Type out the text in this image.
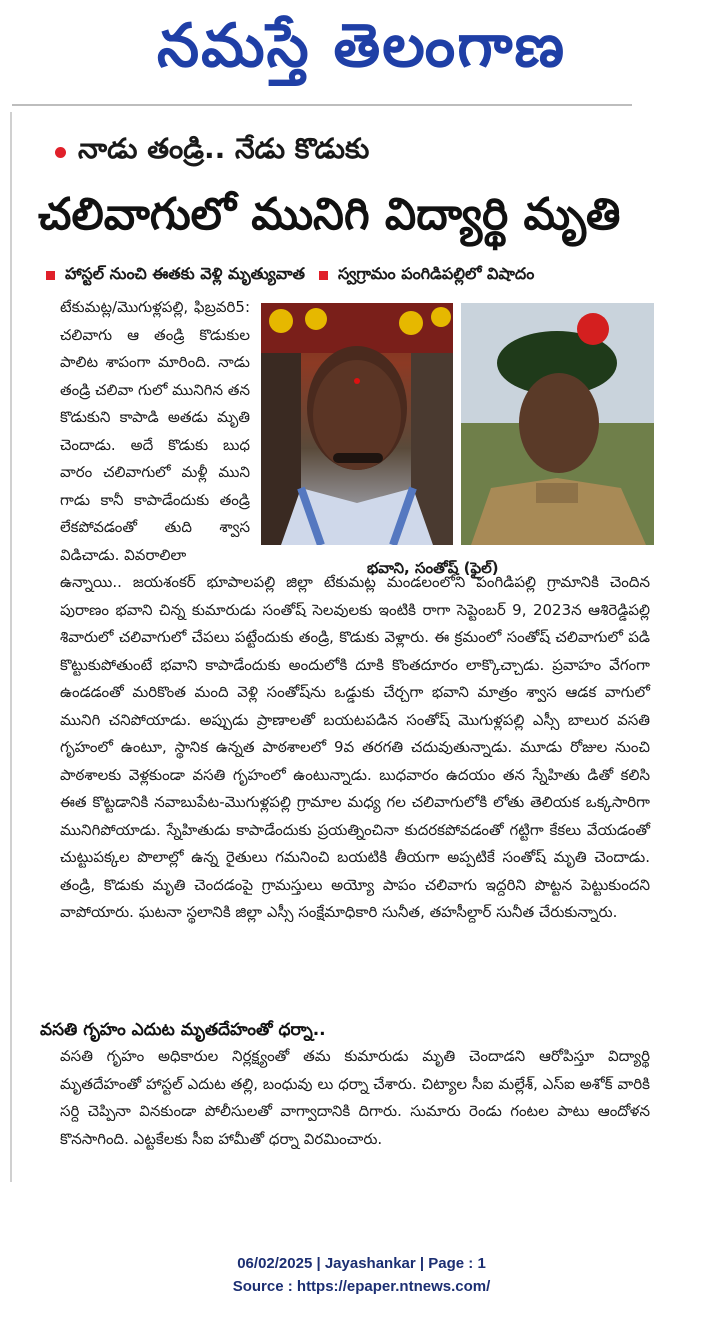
నమస్తే తెలంగాణ
నాడు తండ్రి.. నేడు కొడుకు
చలివాగులో మునిగి విద్యార్థి మృతి
హాస్టల్ నుంచి ఈతకు వెళ్లి మృత్యువాత స్వగ్రామం పంగిడిపల్లిలో విషాదం

టేకుమట్ల/మొగుళ్లపల్లి, ఫిబ్రవరి5: చలివాగు ఆ తండ్రి కొడుకుల పాలిట శాపంగా మారింది. నాడు తండ్రి చలివా గులో మునిగిన తన కొడుకుని కాపాడి అతడు మృతి చెందాడు. అదే కొడుకు బుధ వారం చలివాగులో మళ్లీ ముని గాడు కానీ కాపాడేందుకు తండ్రి లేకపోవడంతో తుది శ్వాస విడిచాడు. వివరాలిలా

భవాని, సంతోష్ (ఫైల్)

ఉన్నాయి.. జయశంకర్ భూపాలపల్లి జిల్లా టేకుమట్ల మండలంలోని పంగిడిపల్లి గ్రామానికి చెందిన పురాణం భవాని చిన్న కుమారుడు సంతోష్ సెలవులకు ఇంటికి రాగా సెప్టెంబర్ 9, 2023న ఆశిరెడ్డిపల్లి శివారులో చలివాగులో చేపలు పట్టేందుకు తండ్రి, కొడుకు వెళ్లారు. ఈ క్రమంలో సంతోష్ చలివాగులో పడి కొట్టుకుపోతుంటే భవాని కాపాడేందుకు అందులోకి దూకి కొంతదూరం లాక్కొచ్చాడు. ప్రవాహం వేగంగా ఉండడంతో మరికొంత మంది వెళ్లి సంతోష్‌ను ఒడ్డుకు చేర్చగా భవాని మాత్రం శ్వాస ఆడక వాగులో మునిగి చనిపోయాడు. అప్పుడు ప్రాణాలతో బయటపడిన సంతోష్ మొగుళ్లపల్లి ఎస్సీ బాలుర వసతి గృహంలో ఉంటూ, స్థానిక ఉన్నత పాఠశాలలో 9వ తరగతి చదువుతున్నాడు. మూడు రోజుల నుంచి పాఠశాలకు వెళ్లకుండా వసతి గృహంలో ఉంటున్నాడు. బుధవారం ఉదయం తన స్నేహితు డితో కలిసి ఈత కొట్టడానికి నవాబుపేట-మొగుళ్లపల్లి గ్రామాల మధ్య గల చలివాగులోకి లోతు తెలియక ఒక్కసారిగా మునిగిపోయాడు. స్నేహితుడు కాపాడేందుకు ప్రయత్నించినా కుదరకపోవడంతో గట్టిగా కేకలు వేయడంతో చుట్టుపక్కల పొలాల్లో ఉన్న రైతులు గమనించి బయటికి తీయగా అప్పటికే సంతోష్ మృతి చెందాడు. తండ్రి, కొడుకు మృతి చెందడంపై గ్రామస్తులు అయ్యో పాపం చలివాగు ఇద్దరిని పొట్టన పెట్టుకుందని వాపోయారు. ఘటనా స్థలానికి జిల్లా ఎస్సీ సంక్షేమాధికారి సునీత, తహసీల్దార్ సునీత చేరుకున్నారు.

వసతి గృహం ఎదుట మృతదేహంతో ధర్నా..

వసతి గృహం అధికారుల నిర్లక్ష్యంతో తమ కుమారుడు మృతి చెందాడని ఆరోపిస్తూ విద్యార్థి మృతదేహంతో హాస్టల్ ఎదుట తల్లి, బంధువు లు ధర్నా చేశారు. చిట్యాల సీఐ మల్లేశ్, ఎస్ఐ అశోక్ వారికి సర్ది చెప్పినా వినకుండా పోలీసులతో వాగ్వాదానికి దిగారు. సుమారు రెండు గంటల పాటు ఆందోళన కొనసాగింది. ఎట్టకేలకు సీఐ హామీతో ధర్నా విరమించారు.

06/02/2025 | Jayashankar | Page : 1
Source : https://epaper.ntnews.com/
